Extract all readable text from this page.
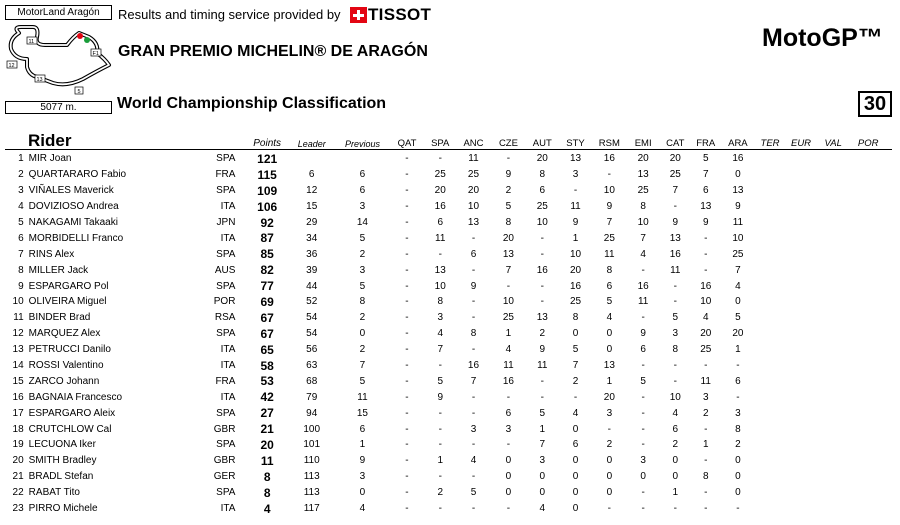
MotorLand Aragón
11
12
13
5
F1
5077 m.
Results and timing service provided by TISSOT
GRAN PREMIO MICHELIN® DE ARAGÓN	MotoGP™
World Championship Classification	30
Rider			Points	Leader	Previous	QAT	SPA	ANC	CZE	AUT	STY	RSM	EMI	CAT	FRA	ARA	TER	EUR	VAL	POR
1	MIR Joan	SPA	121			-	-	11	-	20	13	16	20	20	5	16				
2	QUARTARARO Fabio	FRA	115	6	6	-	25	25	9	8	3	-	13	25	7	0				
3	VIÑALES Maverick	SPA	109	12	6	-	20	20	2	6	-	10	25	7	6	13				
4	DOVIZIOSO Andrea	ITA	106	15	3	-	16	10	5	25	11	9	8	-	13	9				
5	NAKAGAMI Takaaki	JPN	92	29	14	-	6	13	8	10	9	7	10	9	9	11				
6	MORBIDELLI Franco	ITA	87	34	5	-	11	-	20	-	1	25	7	13	-	10				
7	RINS Alex	SPA	85	36	2	-	-	6	13	-	10	11	4	16	-	25				
8	MILLER Jack	AUS	82	39	3	-	13	-	7	16	20	8	-	11	-	7				
9	ESPARGARO Pol	SPA	77	44	5	-	10	9	-	-	16	6	16	-	16	4				
10	OLIVEIRA Miguel	POR	69	52	8	-	8	-	10	-	25	5	11	-	10	0				
11	BINDER Brad	RSA	67	54	2	-	3	-	25	13	8	4	-	5	4	5				
12	MARQUEZ Alex	SPA	67	54	0	-	4	8	1	2	0	0	9	3	20	20				
13	PETRUCCI Danilo	ITA	65	56	2	-	7	-	4	9	5	0	6	8	25	1				
14	ROSSI Valentino	ITA	58	63	7	-	-	16	11	11	7	13	-	-	-	-				
15	ZARCO Johann	FRA	53	68	5	-	5	7	16	-	2	1	5	-	11	6				
16	BAGNAIA Francesco	ITA	42	79	11	-	9	-	-	-	-	20	-	10	3	-				
17	ESPARGARO Aleix	SPA	27	94	15	-	-	-	6	5	4	3	-	4	2	3				
18	CRUTCHLOW Cal	GBR	21	100	6	-	-	3	3	1	0	-	-	6	-	8				
19	LECUONA Iker	SPA	20	101	1	-	-	-	-	7	6	2	-	2	1	2				
20	SMITH Bradley	GBR	11	110	9	-	1	4	0	3	0	0	3	0	-	0				
21	BRADL Stefan	GER	8	113	3	-	-	-	0	0	0	0	0	0	8	0				
22	RABAT Tito	SPA	8	113	0	-	2	5	0	0	0	0	-	1	-	0				
23	PIRRO Michele	ITA	4	117	4	-	-	-	-	4	0	-	-	-	-	-				
